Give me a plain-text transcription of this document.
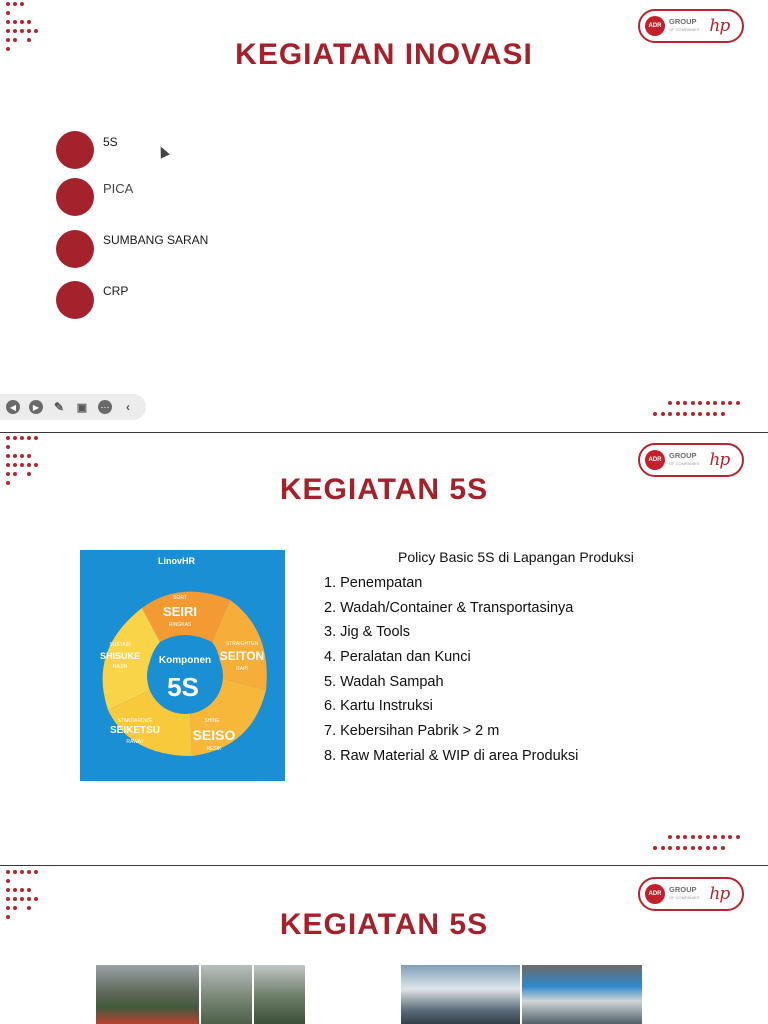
ADR	GROUP
OF COMPANIES hp
KEGIATAN INOVASI
5S
PICA
SUMBANG SARAN
CRP
◀	▶	✎ ▣ ⋯	‹
ADR	GROUP
OF COMPANIES hp
KEGIATAN 5S
LinovHR
Komponen
5S
SORT
SEIRI
RINGKAS
STRAIGHTEN
SEITON
RAPI
SHINE
SEISO
RESIK
STANDARDIZE
SEIKETSU
RAWAT
SUSTAIN
SHISUKE
RAJIN
Policy Basic 5S di Lapangan Produksi
1. Penempatan
2. Wadah/Container & Transportasinya
3. Jig & Tools
4. Peralatan dan Kunci
5. Wadah Sampah
6. Kartu Instruksi
7. Kebersihan Pabrik > 2 m
8. Raw Material & WIP di area Produksi
ADR	GROUP
OF COMPANIES hp
KEGIATAN 5S
